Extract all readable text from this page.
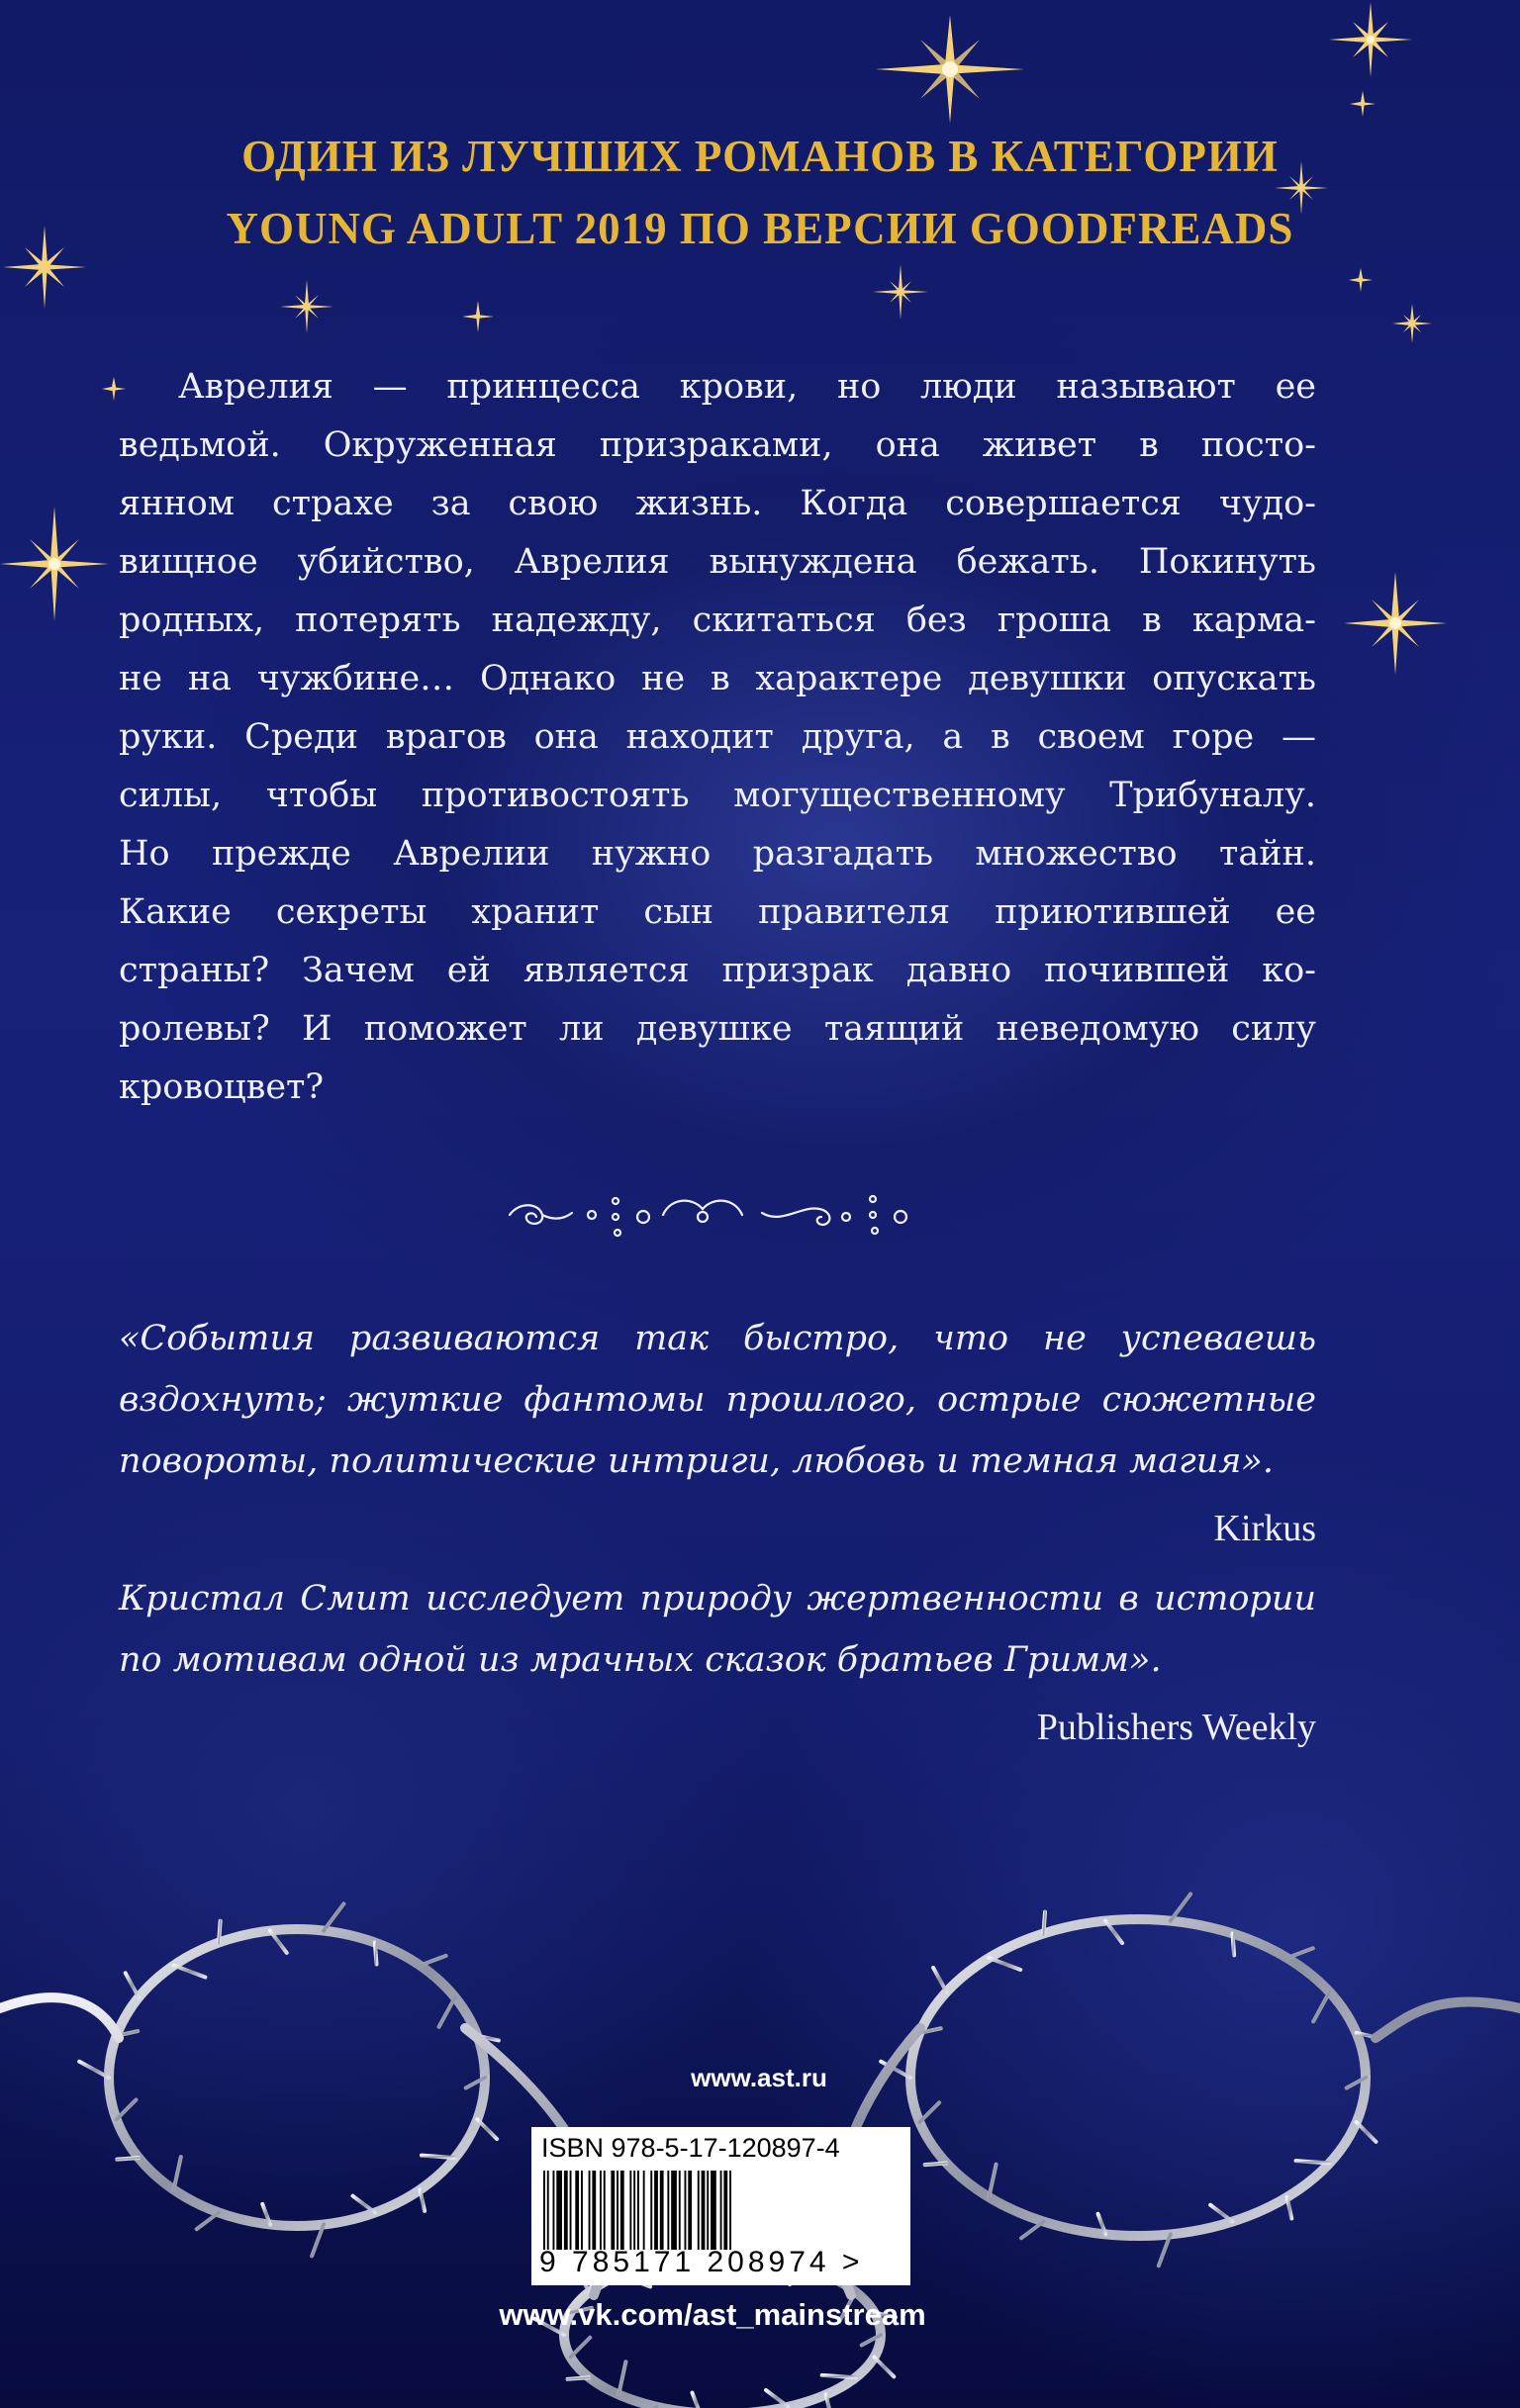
ОДИН ИЗ ЛУЧШИХ РОМАНОВ В КАТЕГОРИИ
YOUNG ADULT 2019 ПО ВЕРСИИ GOODFREADS
Аврелия — принцесса крови, но люди называют ее
ведьмой. Окруженная призраками, она живет в посто-
янном страхе за свою жизнь. Когда совершается чудо-
вищное убийство, Аврелия вынуждена бежать. Покинуть
родных, потерять надежду, скитаться без гроша в карма-
не на чужбине… Однако не в характере девушки опускать
руки. Среди врагов она находит друга, а в своем горе —
силы, чтобы противостоять могущественному Трибуналу.
Но прежде Аврелии нужно разгадать множество тайн.
Какие секреты хранит сын правителя приютившей ее
страны? Зачем ей является призрак давно почившей ко-
ролевы? И поможет ли девушке таящий неведомую силу
кровоцвет?
«События развиваются так быстро, что не успеваешь
вздохнуть; жуткие фантомы прошлого, острые сюжетные
повороты, политические интриги, любовь и темная магия».
Kirkus
Кристал Смит исследует природу жертвенности в истории
по мотивам одной из мрачных сказок братьев Гримм».
Publishers Weekly
www.ast.ru
ISBN 978-5-17-120897-4
9 785171 208974 >
www.vk.com/ast_mainstream
